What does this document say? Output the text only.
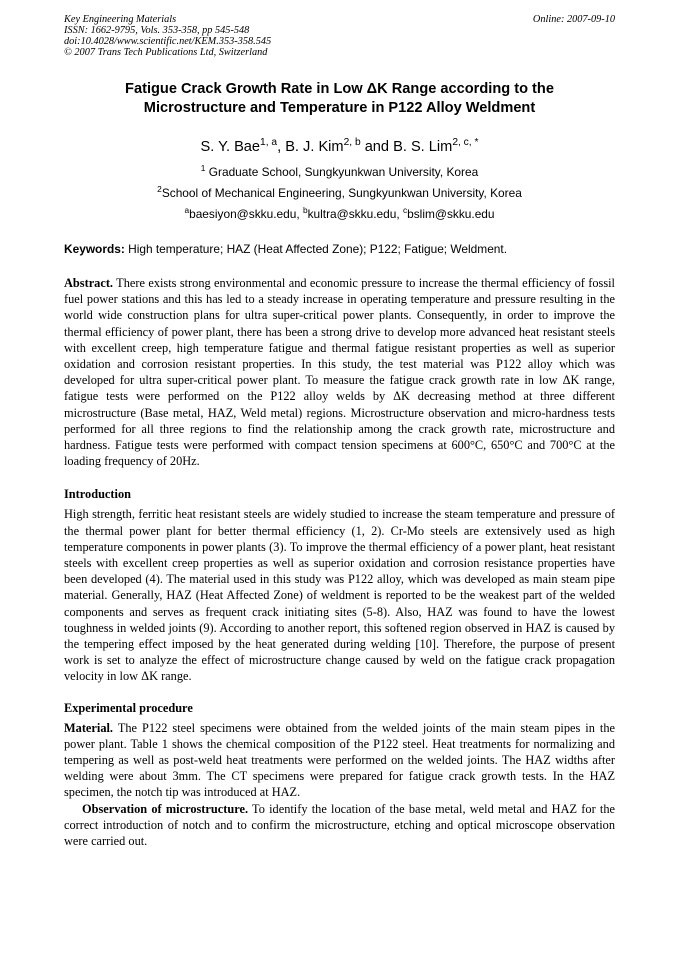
Key Engineering Materials
ISSN: 1662-9795, Vols. 353-358, pp 545-548
doi:10.4028/www.scientific.net/KEM.353-358.545
© 2007 Trans Tech Publications Ltd, Switzerland
Online: 2007-09-10
Fatigue Crack Growth Rate in Low ΔK Range according to the
Microstructure and Temperature in P122 Alloy Weldment
S. Y. Bae$^{1, a}$, B. J. Kim$^{2, b}$ and B. S. Lim$^{2, c, *}$
$^1$ Graduate School, Sungkyunkwan University, Korea
$^2$School of Mechanical Engineering, Sungkyunkwan University, Korea
$^a$baesiyon@skku.edu, $^b$kultra@skku.edu, $^c$bslim@skku.edu
Keywords: High temperature; HAZ (Heat Affected Zone); P122; Fatigue; Weldment.

Abstract. There exists strong environmental and economic pressure to increase the thermal efficiency of fossil fuel power stations and this has led to a steady increase in operating temperature and pressure resulting in the world wide construction plans for ultra super-critical power plants. Consequently, in order to improve the thermal efficiency of power plant, there has been a strong drive to develop more advanced heat resistant steels with excellent creep, high temperature fatigue and thermal fatigue resistant properties as well as superior oxidation and corrosion resistant properties. In this study, the test material was P122 alloy which was developed for ultra super-critical power plant. To measure the fatigue crack growth rate in low ΔK range, fatigue tests were performed on the P122 alloy welds by ΔK decreasing method at three different microstructure (Base metal, HAZ, Weld metal) regions. Microstructure observation and micro-hardness tests performed for all three regions to find the relationship among the crack growth rate, microstructure and hardness. Fatigue tests were performed with compact tension specimens at 600°C, 650°C and 700°C at the loading frequency of 20Hz.

Introduction

High strength, ferritic heat resistant steels are widely studied to increase the steam temperature and pressure of the thermal power plant for better thermal efficiency (1, 2). Cr-Mo steels are extensively used as high temperature components in power plants (3). To improve the thermal efficiency of a power plant, heat resistant steels with excellent creep properties as well as superior oxidation and corrosion resistance properties have been developed (4). The material used in this study was P122 alloy, which was developed as main steam pipe material. Generally, HAZ (Heat Affected Zone) of weldment is reported to be the weakest part of the welded components and serves as frequent crack initiating sites (5-8). Also, HAZ was found to have the lowest toughness in welded joints (9). According to another report, this softened region observed in HAZ is caused by the tempering effect imposed by the heat generated during welding [10]. Therefore, the purpose of present work is set to analyze the effect of microstructure change caused by weld on the fatigue crack propagation velocity in low ΔK range.

Experimental procedure

Material. The P122 steel specimens were obtained from the welded joints of the main steam pipes in the power plant. Table 1 shows the chemical composition of the P122 steel. Heat treatments for normalizing and tempering as well as post-weld heat treatments were performed on the welded joints. The HAZ widths after welding were about 3mm. The CT specimens were prepared for fatigue crack growth tests. In the HAZ specimen, the notch tip was introduced at HAZ.

Observation of microstructure. To identify the location of the base metal, weld metal and HAZ for the correct introduction of notch and to confirm the microstructure, etching and optical microscope observation were carried out.
